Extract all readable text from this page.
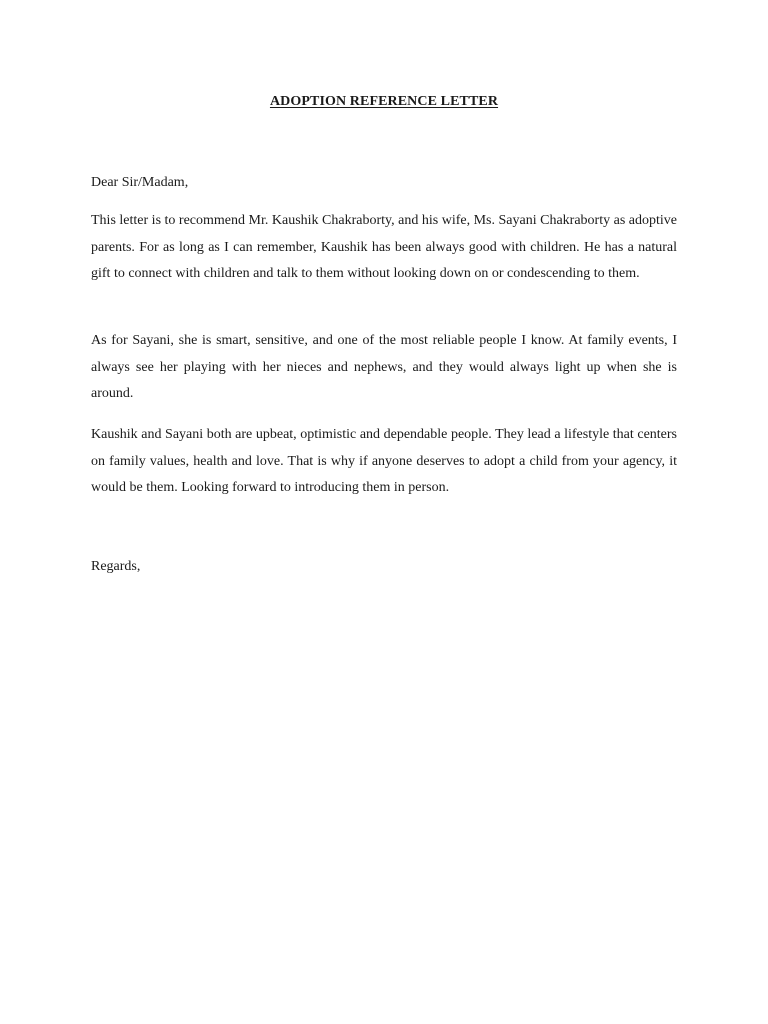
ADOPTION REFERENCE LETTER
Dear Sir/Madam,

This letter is to recommend Mr. Kaushik Chakraborty, and his wife, Ms. Sayani Chakraborty as adoptive parents. For as long as I can remember, Kaushik has been always good with children. He has a natural gift to connect with children and talk to them without looking down on or condescending to them.

As for Sayani, she is smart, sensitive, and one of the most reliable people I know. At family events, I always see her playing with her nieces and nephews, and they would always light up when she is around.

Kaushik and Sayani both are upbeat, optimistic and dependable people. They lead a lifestyle that centers on family values, health and love. That is why if anyone deserves to adopt a child from your agency, it would be them. Looking forward to introducing them in person.

Regards,
